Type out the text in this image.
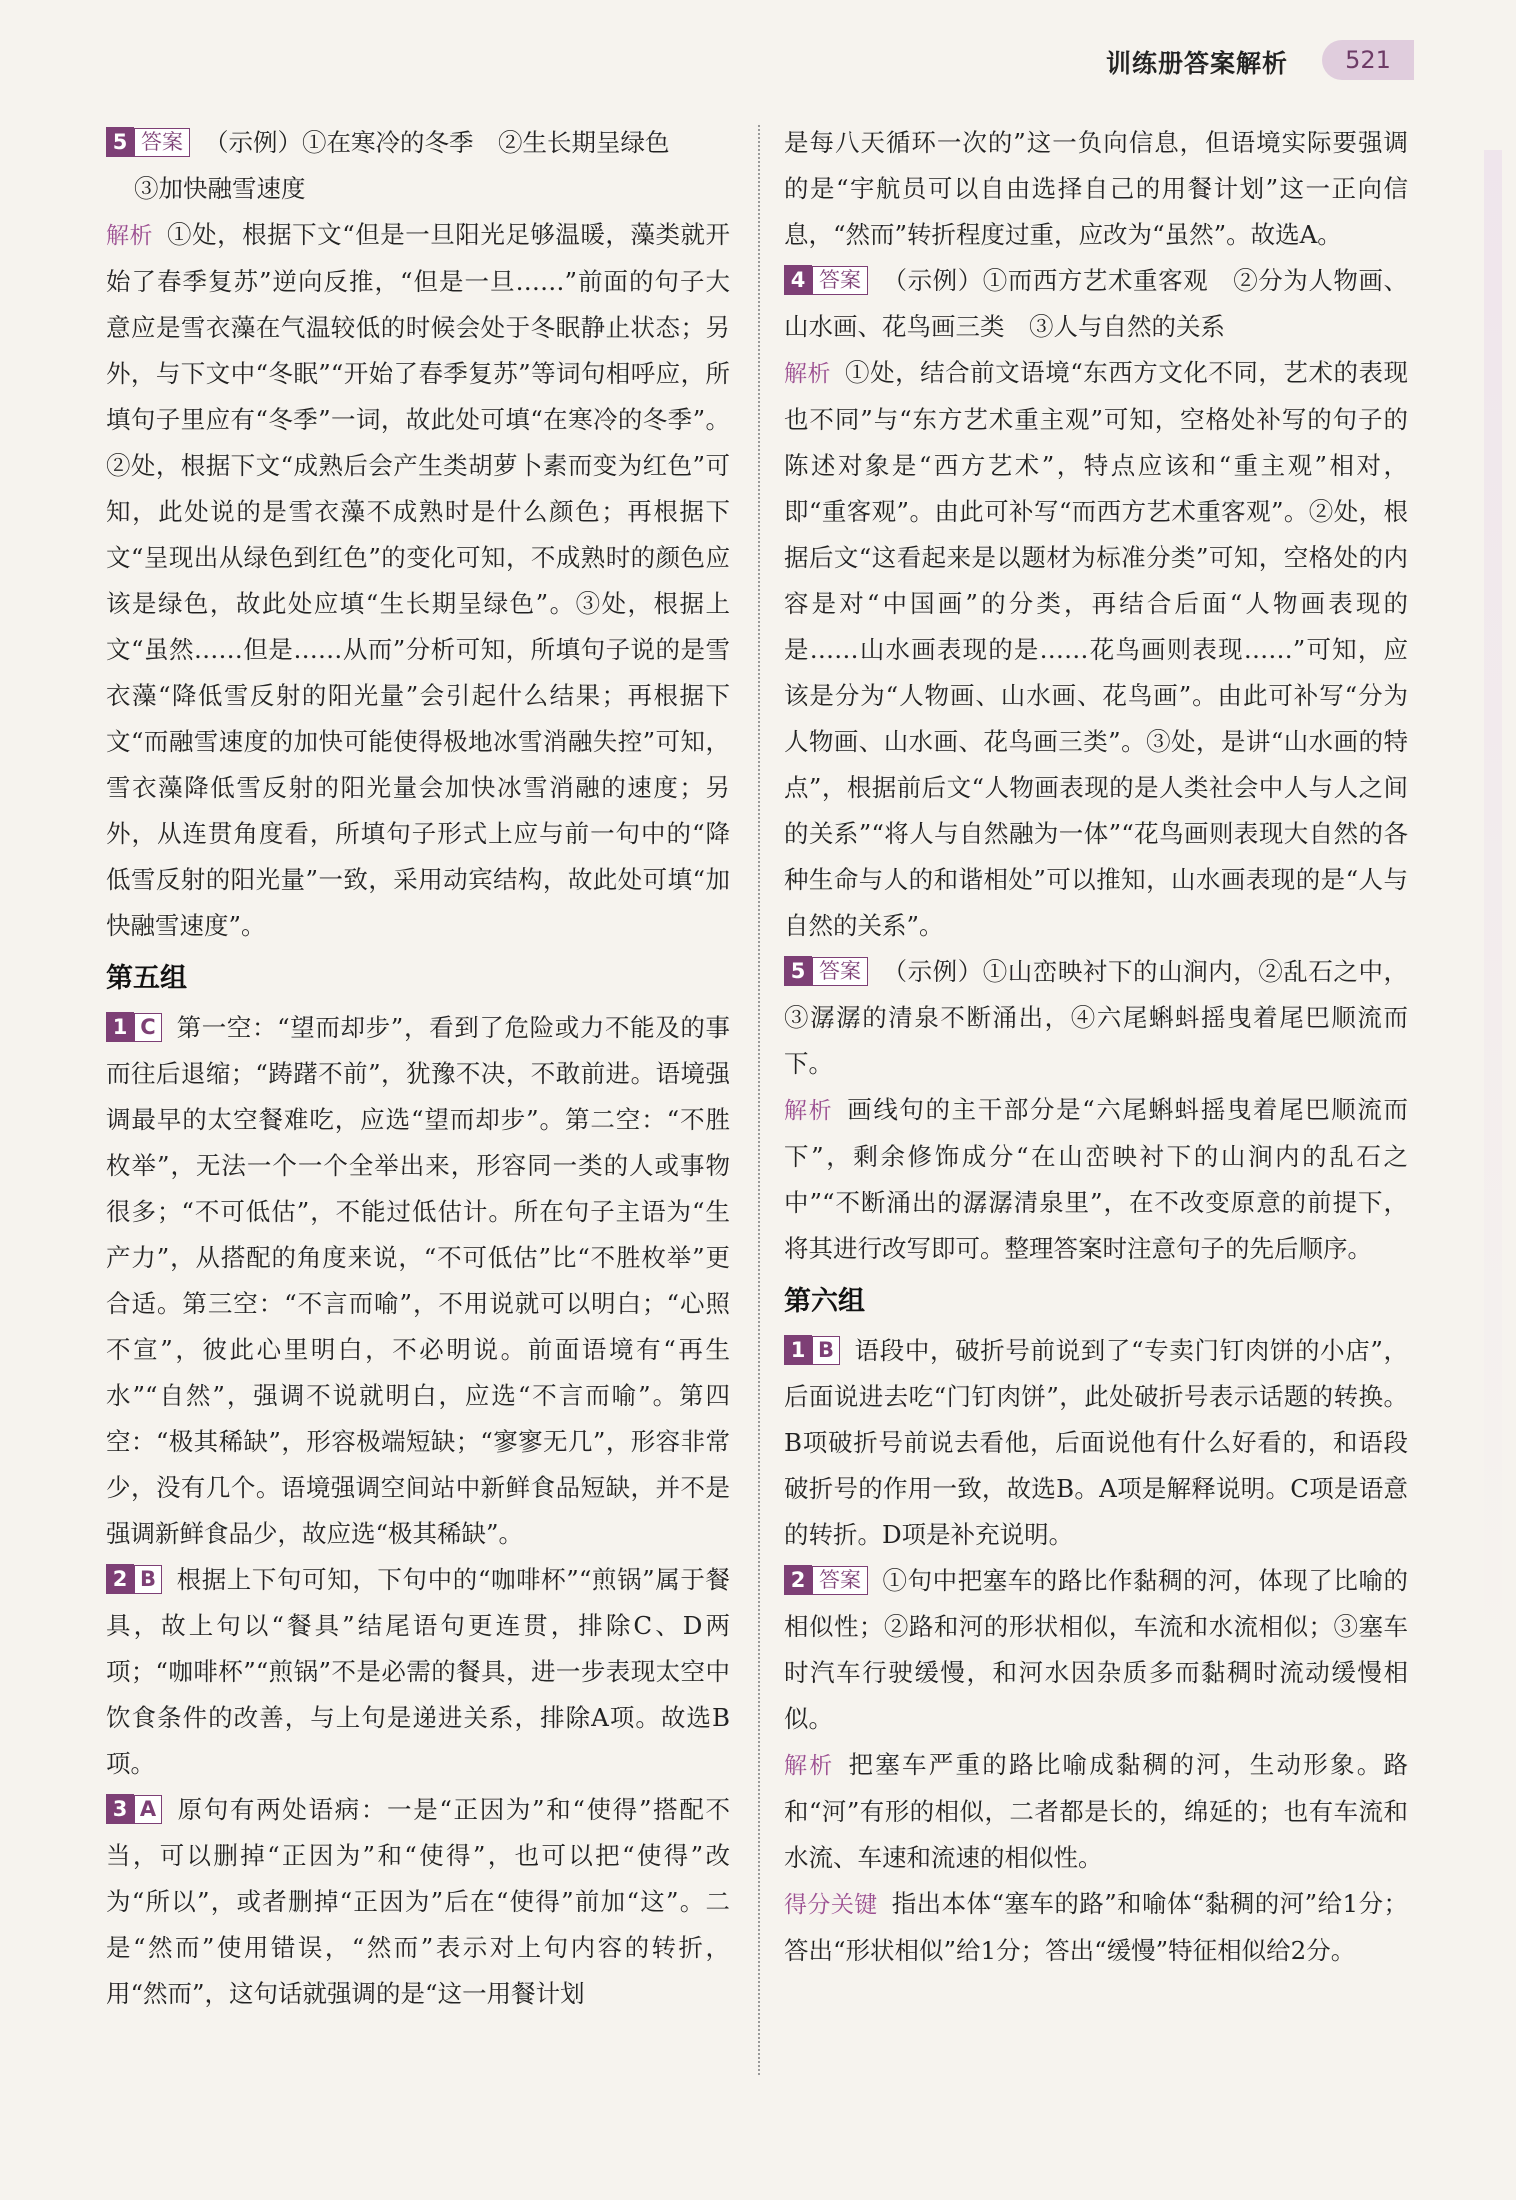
训练册答案解析	521

5 答案 （示例）①在寒冷的冬季　②生长期呈绿色

③加快融雪速度

解析 ①处，根据下文“但是一旦阳光足够温暖，藻类就开始了春季复苏”逆向反推，“但是一旦……”前面的句子大意应是雪衣藻在气温较低的时候会处于冬眠静止状态；另外，与下文中“冬眠”“开始了春季复苏”等词句相呼应，所填句子里应有“冬季”一词，故此处可填“在寒冷的冬季”。②处，根据下文“成熟后会产生类胡萝卜素而变为红色”可知，此处说的是雪衣藻不成熟时是什么颜色；再根据下文“呈现出从绿色到红色”的变化可知，不成熟时的颜色应该是绿色，故此处应填“生长期呈绿色”。③处，根据上文“虽然……但是……从而”分析可知，所填句子说的是雪衣藻“降低雪反射的阳光量”会引起什么结果；再根据下文“而融雪速度的加快可能使得极地冰雪消融失控”可知，雪衣藻降低雪反射的阳光量会加快冰雪消融的速度；另外，从连贯角度看，所填句子形式上应与前一句中的“降低雪反射的阳光量”一致，采用动宾结构，故此处可填“加快融雪速度”。

第五组

1 C 第一空：“望而却步”，看到了危险或力不能及的事而往后退缩；“踌躇不前”，犹豫不决，不敢前进。语境强调最早的太空餐难吃，应选“望而却步”。第二空：“不胜枚举”，无法一个一个全举出来，形容同一类的人或事物很多；“不可低估”，不能过低估计。所在句子主语为“生产力”，从搭配的角度来说，“不可低估”比“不胜枚举”更合适。第三空：“不言而喻”，不用说就可以明白；“心照不宣”，彼此心里明白，不必明说。前面语境有“再生水”“自然”，强调不说就明白，应选“不言而喻”。第四空：“极其稀缺”，形容极端短缺；“寥寥无几”，形容非常少，没有几个。语境强调空间站中新鲜食品短缺，并不是强调新鲜食品少，故应选“极其稀缺”。

2 B 根据上下句可知，下句中的“咖啡杯”“煎锅”属于餐具，故上句以“餐具”结尾语句更连贯，排除C、D两项；“咖啡杯”“煎锅”不是必需的餐具，进一步表现太空中饮食条件的改善，与上句是递进关系，排除A项。故选B项。

3 A 原句有两处语病：一是“正因为”和“使得”搭配不当，可以删掉“正因为”和“使得”，也可以把“使得”改为“所以”，或者删掉“正因为”后在“使得”前加“这”。二是“然而”使用错误，“然而”表示对上句内容的转折，用“然而”，这句话就强调的是“这一用餐计划

是每八天循环一次的”这一负向信息，但语境实际要强调的是“宇航员可以自由选择自己的用餐计划”这一正向信息，“然而”转折程度过重，应改为“虽然”。故选A。

4 答案 （示例）①而西方艺术重客观　②分为人物画、山水画、花鸟画三类　③人与自然的关系

解析 ①处，结合前文语境“东西方文化不同，艺术的表现也不同”与“东方艺术重主观”可知，空格处补写的句子的陈述对象是“西方艺术”，特点应该和“重主观”相对，即“重客观”。由此可补写“而西方艺术重客观”。②处，根据后文“这看起来是以题材为标准分类”可知，空格处的内容是对“中国画”的分类，再结合后面“人物画表现的是……山水画表现的是……花鸟画则表现……”可知，应该是分为“人物画、山水画、花鸟画”。由此可补写“分为人物画、山水画、花鸟画三类”。③处，是讲“山水画的特点”，根据前后文“人物画表现的是人类社会中人与人之间的关系”“将人与自然融为一体”“花鸟画则表现大自然的各种生命与人的和谐相处”可以推知，山水画表现的是“人与自然的关系”。

5 答案 （示例）①山峦映衬下的山涧内，②乱石之中，③潺潺的清泉不断涌出，④六尾蝌蚪摇曳着尾巴顺流而下。

解析 画线句的主干部分是“六尾蝌蚪摇曳着尾巴顺流而下”，剩余修饰成分“在山峦映衬下的山涧内的乱石之中”“不断涌出的潺潺清泉里”，在不改变原意的前提下，将其进行改写即可。整理答案时注意句子的先后顺序。

第六组

1 B 语段中，破折号前说到了“专卖门钉肉饼的小店”，后面说进去吃“门钉肉饼”，此处破折号表示话题的转换。B项破折号前说去看他，后面说他有什么好看的，和语段破折号的作用一致，故选B。A项是解释说明。C项是语意的转折。D项是补充说明。

2 答案 ①句中把塞车的路比作黏稠的河，体现了比喻的相似性；②路和河的形状相似，车流和水流相似；③塞车时汽车行驶缓慢，和河水因杂质多而黏稠时流动缓慢相似。

解析 把塞车严重的路比喻成黏稠的河，生动形象。路和“河”有形的相似，二者都是长的，绵延的；也有车流和水流、车速和流速的相似性。

得分关键 指出本体“塞车的路”和喻体“黏稠的河”给1分；答出“形状相似”给1分；答出“缓慢”特征相似给2分。
